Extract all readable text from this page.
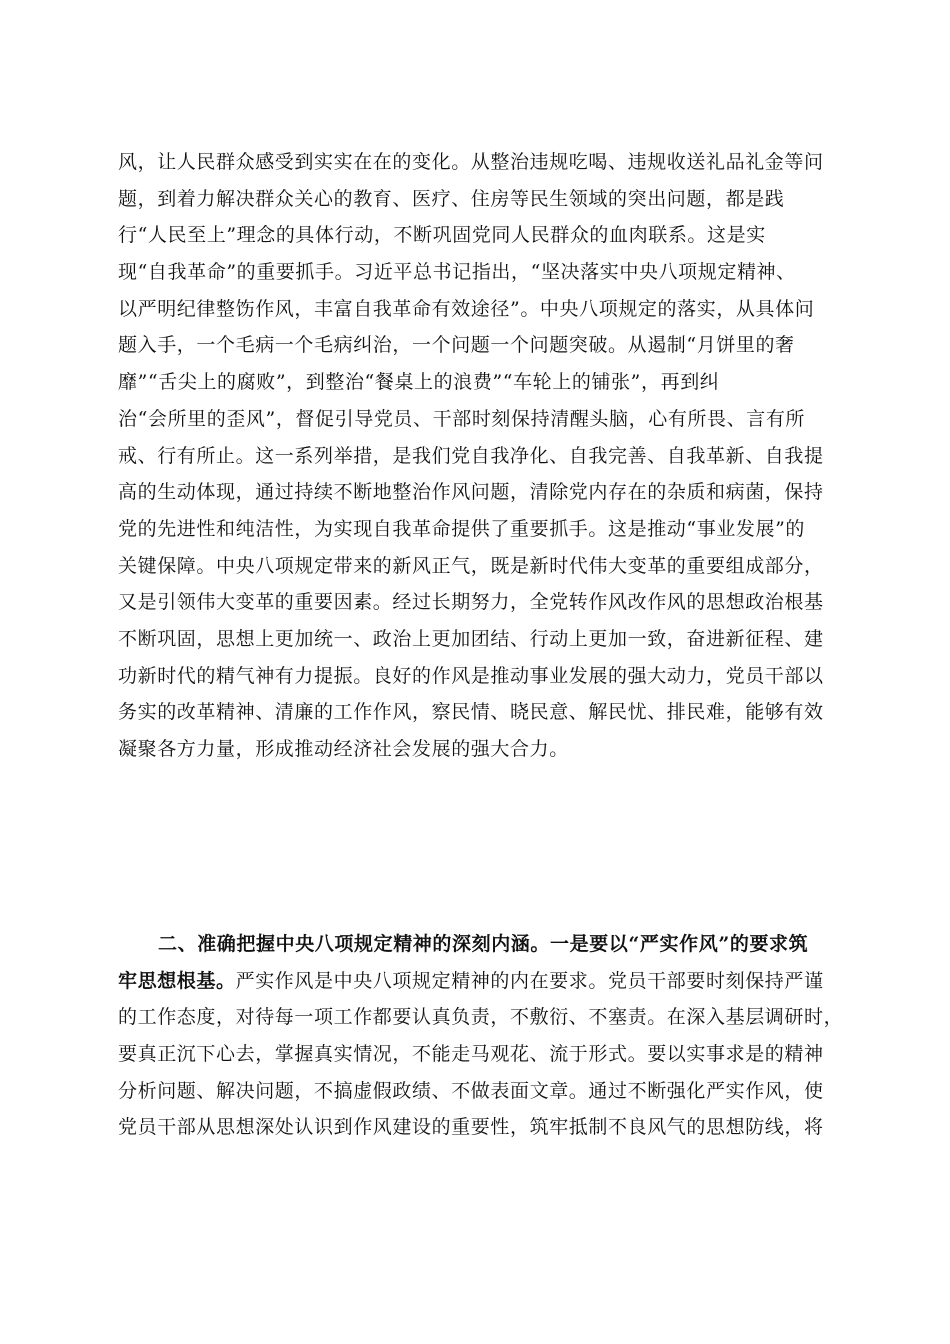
风，让人民群众感受到实实在在的变化。从整治违规吃喝、违规收送礼品礼金等问
题，到着力解决群众关心的教育、医疗、住房等民生领域的突出问题，都是践
行“人民至上”理念的具体行动，不断巩固党同人民群众的血肉联系。这是实
现“自我革命”的重要抓手。习近平总书记指出，“坚决落实中央八项规定精神、
以严明纪律整饬作风，丰富自我革命有效途径”。中央八项规定的落实，从具体问
题入手，一个毛病一个毛病纠治，一个问题一个问题突破。从遏制“月饼里的奢
靡”“舌尖上的腐败”，到整治“餐桌上的浪费”“车轮上的铺张”，再到纠
治“会所里的歪风”，督促引导党员、干部时刻保持清醒头脑，心有所畏、言有所
戒、行有所止。这一系列举措，是我们党自我净化、自我完善、自我革新、自我提
高的生动体现，通过持续不断地整治作风问题，清除党内存在的杂质和病菌，保持
党的先进性和纯洁性，为实现自我革命提供了重要抓手。这是推动“事业发展”的
关键保障。中央八项规定带来的新风正气，既是新时代伟大变革的重要组成部分，
又是引领伟大变革的重要因素。经过长期努力，全党转作风改作风的思想政治根基
不断巩固，思想上更加统一、政治上更加团结、行动上更加一致，奋进新征程、建
功新时代的精气神有力提振。良好的作风是推动事业发展的强大动力，党员干部以
务实的改革精神、清廉的工作作风，察民情、晓民意、解民忧、排民难，能够有效
凝聚各方力量，形成推动经济社会发展的强大合力。
二、准确把握中央八项规定精神的深刻内涵。一是要以“严实作风”的要求筑
牢思想根基。严实作风是中央八项规定精神的内在要求。党员干部要时刻保持严谨
的工作态度，对待每一项工作都要认真负责，不敷衍、不塞责。在深入基层调研时，
要真正沉下心去，掌握真实情况，不能走马观花、流于形式。要以实事求是的精神
分析问题、解决问题，不搞虚假政绩、不做表面文章。通过不断强化严实作风，使
党员干部从思想深处认识到作风建设的重要性，筑牢抵制不良风气的思想防线，将
